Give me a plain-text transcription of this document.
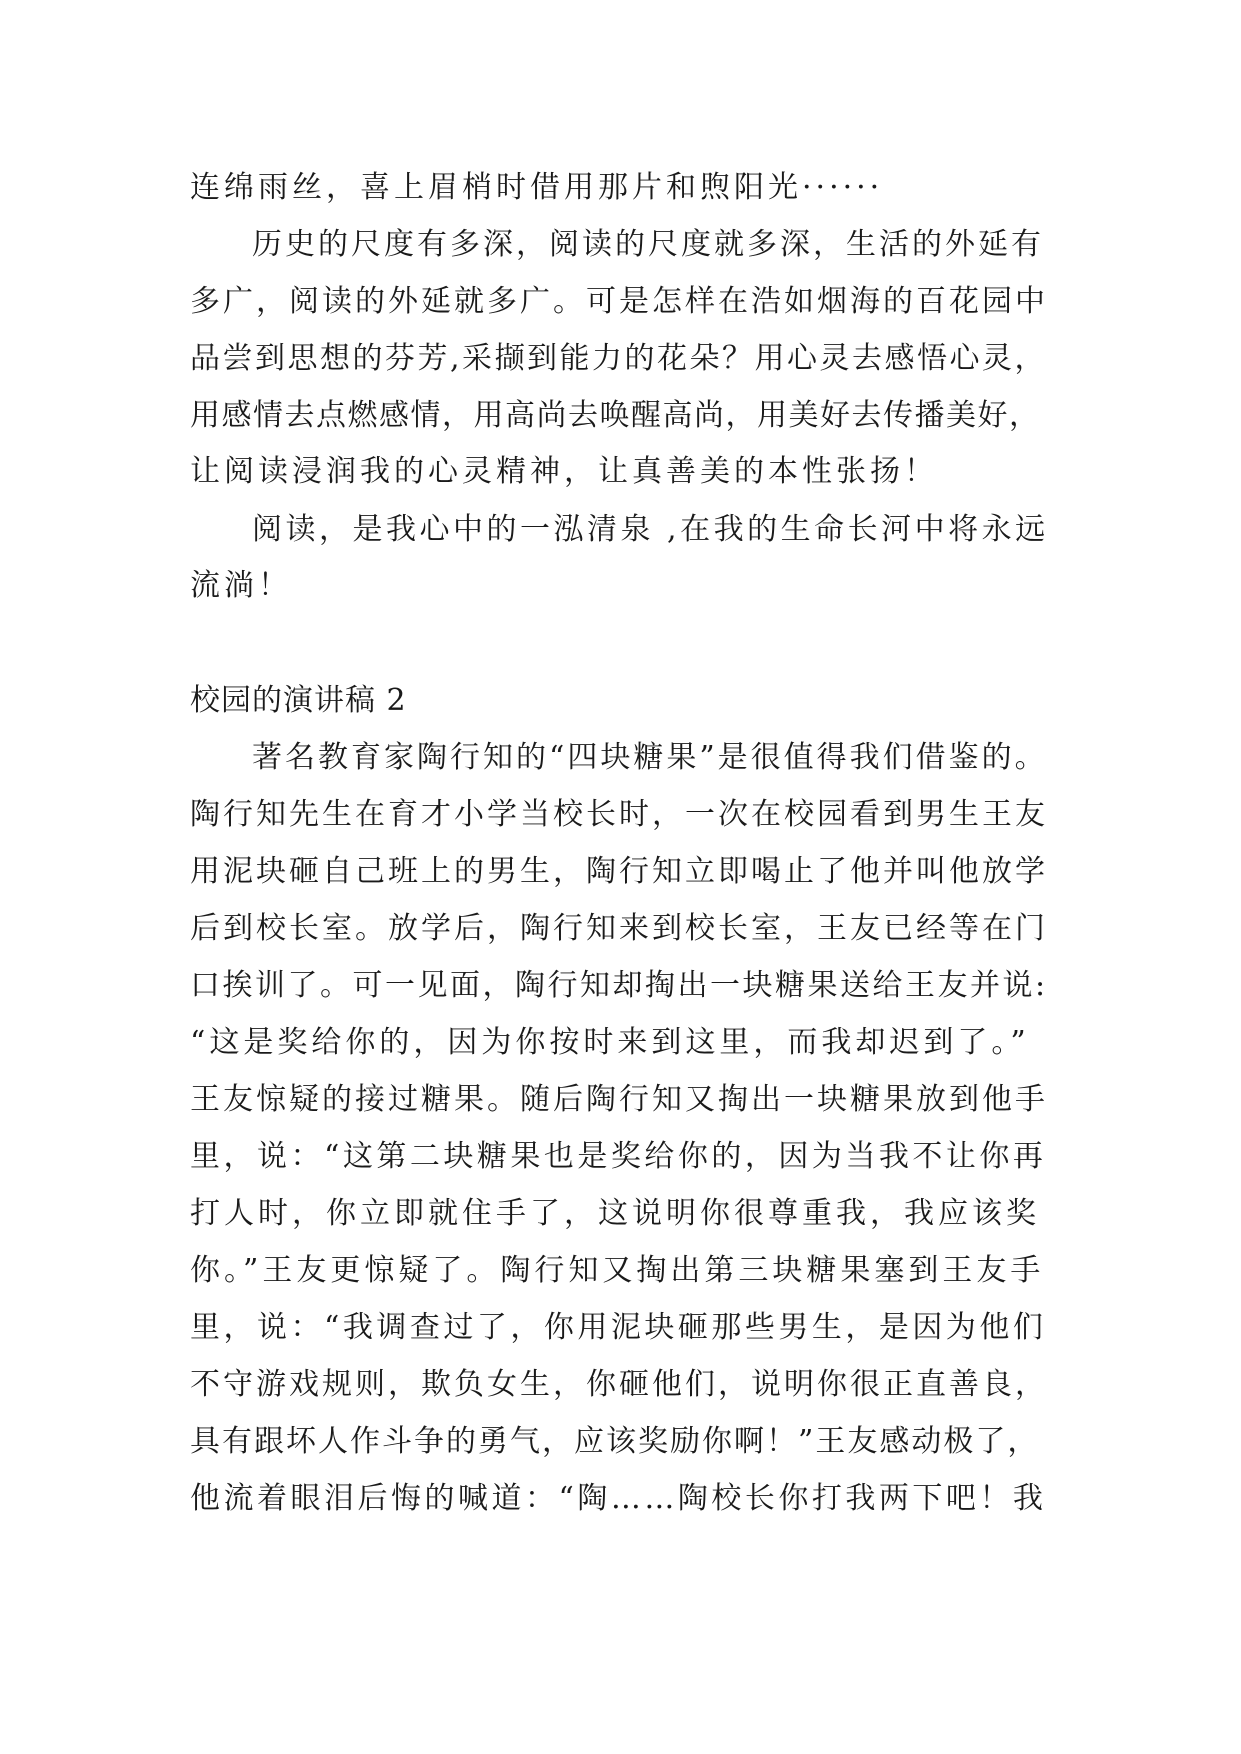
连绵雨丝，喜上眉梢时借用那片和煦阳光······

历史的尺度有多深，阅读的尺度就多深，生活的外延有

多广，阅读的外延就多广。可是怎样在浩如烟海的百花园中

品尝到思想的芬芳,采撷到能力的花朵？用心灵去感悟心灵，

用感情去点燃感情，用高尚去唤醒高尚，用美好去传播美好，

让阅读浸润我的心灵精神，让真善美的本性张扬！

阅读，是我心中的一泓清泉 ,在我的生命长河中将永远

流淌！

校园的演讲稿 2

著名教育家陶行知的“四块糖果”是很值得我们借鉴的。

陶行知先生在育才小学当校长时，一次在校园看到男生王友

用泥块砸自己班上的男生，陶行知立即喝止了他并叫他放学

后到校长室。放学后，陶行知来到校长室，王友已经等在门

口挨训了。可一见面，陶行知却掏出一块糖果送给王友并说:

“这是奖给你的，因为你按时来到这里，而我却迟到了。”

王友惊疑的接过糖果。随后陶行知又掏出一块糖果放到他手

里，说：“这第二块糖果也是奖给你的，因为当我不让你再

打人时，你立即就住手了，这说明你很尊重我，我应该奖

你。”王友更惊疑了。陶行知又掏出第三块糖果塞到王友手

里，说：“我调查过了，你用泥块砸那些男生，是因为他们

不守游戏规则，欺负女生，你砸他们，说明你很正直善良，

具有跟坏人作斗争的勇气，应该奖励你啊！”王友感动极了，

他流着眼泪后悔的喊道：“陶……陶校长你打我两下吧！我
